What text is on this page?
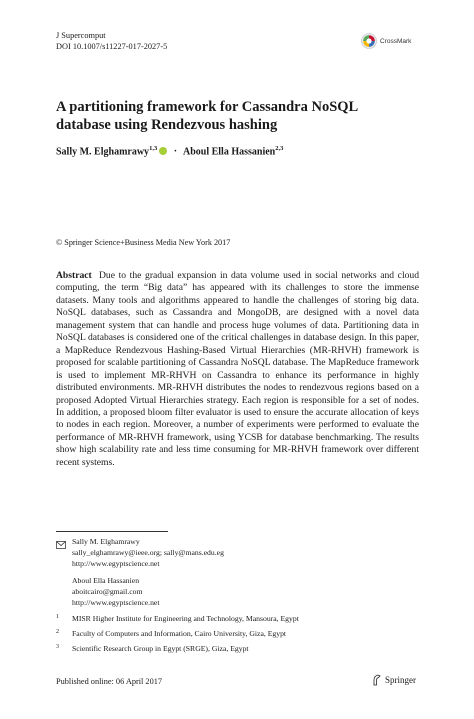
J Supercomput
DOI 10.1007/s11227-017-2027-5
CrossMark
A partitioning framework for Cassandra NoSQL database using Rendezvous hashing
Sally M. Elghamrawy$^{1,3}$ · Aboul Ella Hassanien$^{2,3}$
© Springer Science+Business Media New York 2017

Abstract Due to the gradual expansion in data volume used in social networks and cloud computing, the term “Big data” has appeared with its challenges to store the immense datasets. Many tools and algorithms appeared to handle the challenges of storing big data. NoSQL databases, such as Cassandra and MongoDB, are designed with a novel data management system that can handle and process huge volumes of data. Partitioning data in NoSQL databases is considered one of the critical challenges in database design. In this paper, a MapReduce Rendezvous Hashing-Based Virtual Hierarchies (MR-RHVH) framework is proposed for scalable partitioning of Cassandra NoSQL database. The MapReduce framework is used to implement MR-RHVH on Cassandra to enhance its performance in highly distributed environments. MR-RHVH distributes the nodes to rendezvous regions based on a proposed Adopted Virtual Hierarchies strategy. Each region is responsible for a set of nodes. In addition, a proposed bloom filter evaluator is used to ensure the accurate allocation of keys to nodes in each region. Moreover, a number of experiments were performed to evaluate the performance of MR-RHVH framework, using YCSB for database benchmarking. The results show high scalability rate and less time consuming for MR-RHVH framework over different recent systems.

Sally M. Elghamrawy
sally_elghamrawy@ieee.org; sally@mans.edu.eg
http://www.egyptscience.net
Aboul Ella Hassanien
aboitcairo@gmail.com
http://www.egyptscience.net
1 MISR Higher Institute for Engineering and Technology, Mansoura, Egypt
2 Faculty of Computers and Information, Cairo University, Giza, Egypt
3 Scientific Research Group in Egypt (SRGE), Giza, Egypt
Published online: 06 April 2017	Springer
